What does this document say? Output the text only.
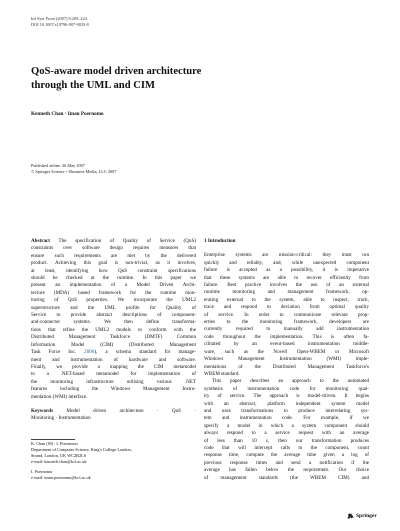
Inf Syst Front (2007) 9:209–224
DOI 10.1007/s10796-007-9033-8
QoS-aware model driven architecture
through the UML and CIM
Kenneth Chan · Iman Poernomo
Published online: 26 May 2007
© Springer Science + Business Media, LLC 2007
Abstract The specification of Quality of Service (QoS)
constraints over software design requires measures that
ensure such requirements are met by the delivered
product. Achieving this goal is non-trivial, as it involves,
at least, identifying how QoS constraint specifications
should be checked at the runtime. In this paper we
present an implementation of a Model Driven Archi-
tecture (MDA) based framework for the runtime mon-
itoring of QoS properties. We incorporate the UML2
superstructure and the UML profile for Quality of
Service to provide abstract descriptions of component-
and-connector systems. We then define transforma-
tions that refine the UML2 models to conform with the
Distributed Management Taskforce (DMTF) Common
Information Model (CIM) (Distributed Management
Task Force Inc. 2006), a schema standard for manage-
ment and instrumentation of hardware and software.
Finally, we provide a mapping the CIM metamodel
to a .NET-based metamodel for implementation of
the monitoring infrastructure utilising various .NET
features including the Windows Management Instru-
mentation (WMI) interface.
Keywords	Model driven architecture · QoS ·
Monitoring · Instrumentation
K. Chan (✉) · I. Poernomo
Department of Computer Science, King's College London,
Strand, London, UK WC2R2LS
e-mail: kenneth.chan@kcl.ac.uk
I. Poernomo
e-mail: iman.poernomo@kcl.ac.uk
1 Introduction
Enterprise systems are mission-critical: they must run
quickly and reliably, and, while unexpected component
failure is accepted as a possibility, it is imperative
that these systems are able to recover efficiently from
failure. Best practice involves the use of an external
runtime monitoring and management framework, op-
erating external to the system, able to inspect, track,
trace and respond to deviation from optimal quality
of service. In order to communicate relevant prop-
erties to the monitoring framework, developers are
currently required to manually add instrumentation
code throughout the implementation. This is often fa-
cilitated by an event-based instrumentation middle-
ware, such as the Novell Open-WBEM or Microsoft
Windows Management Instrumentation (WMI) imple-
mentations of the Distributed Management Taskforce's
WBEM standard.
This paper describes an approach to the automated
synthesis of instrumentation code for monitoring qual-
ity of service. The approach is model-driven. It begins
with an abstract, platform independent system model
and uses transformations to produce interrelating sys-
tem and instrumentation code. For example, if we
specify a model in which a system component should
always respond to a service request with an average
of less than 10 s, then our transformation produces
code that will intercept calls to the component, count
response time, compute the average time given a log of
previous response times and send a notification if the
average has fallen below the requirement. Our choice
of management standards (the WBEM CIM) and
Springer
